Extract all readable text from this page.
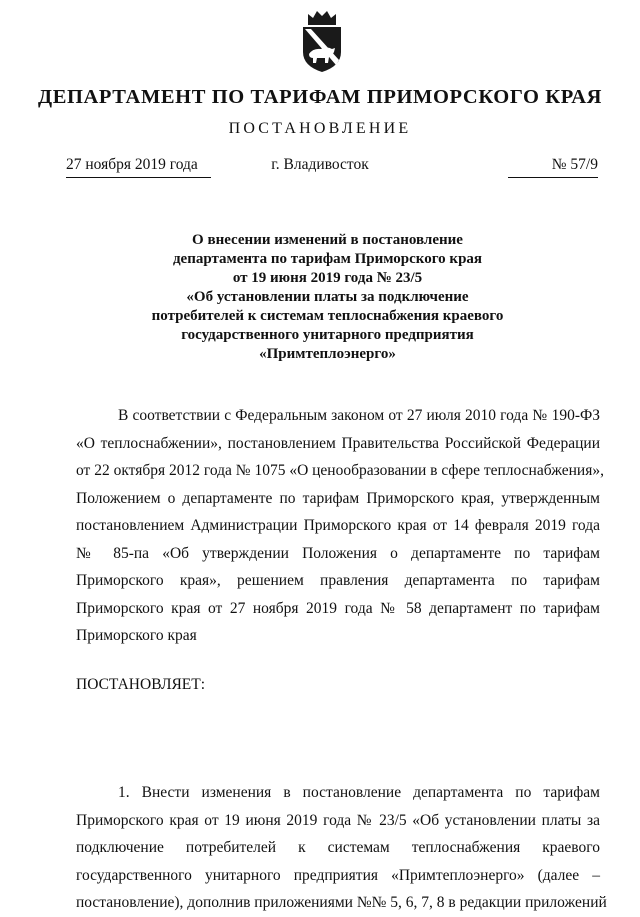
ДЕПАРТАМЕНТ ПО ТАРИФАМ ПРИМОРСКОГО КРАЯ
ПОСТАНОВЛЕНИЕ
г. Владивосток
27 ноября 2019 года	№ 57/9
О внесении изменений в постановление
департамента по тарифам Приморского края
от 19 июня 2019 года № 23/5
«Об установлении платы за подключение
потребителей к системам теплоснабжения краевого
государственного унитарного предприятия
«Примтеплоэнерго»
В соответствии с Федеральным законом от 27 июля 2010 года № 190-ФЗ
«О теплоснабжении», постановлением Правительства Российской Федерации
от 22 октября 2012 года № 1075 «О ценообразовании в сфере теплоснабжения»,
Положением о департаменте по тарифам Приморского края, утвержденным
постановлением Администрации Приморского края от 14 февраля 2019 года
№ 85-па «Об утверждении Положения о департаменте по тарифам
Приморского края», решением правления департамента по тарифам
Приморского края от 27 ноября 2019 года № 58 департамент по тарифам
Приморского края
ПОСТАНОВЛЯЕТ:
1. Внести изменения в постановление департамента по тарифам
Приморского края от 19 июня 2019 года № 23/5 «Об установлении платы за
подключение потребителей к системам теплоснабжения краевого
государственного унитарного предприятия «Примтеплоэнерго» (далее –
постановление), дополнив приложениями №№ 5, 6, 7, 8 в редакции приложений
